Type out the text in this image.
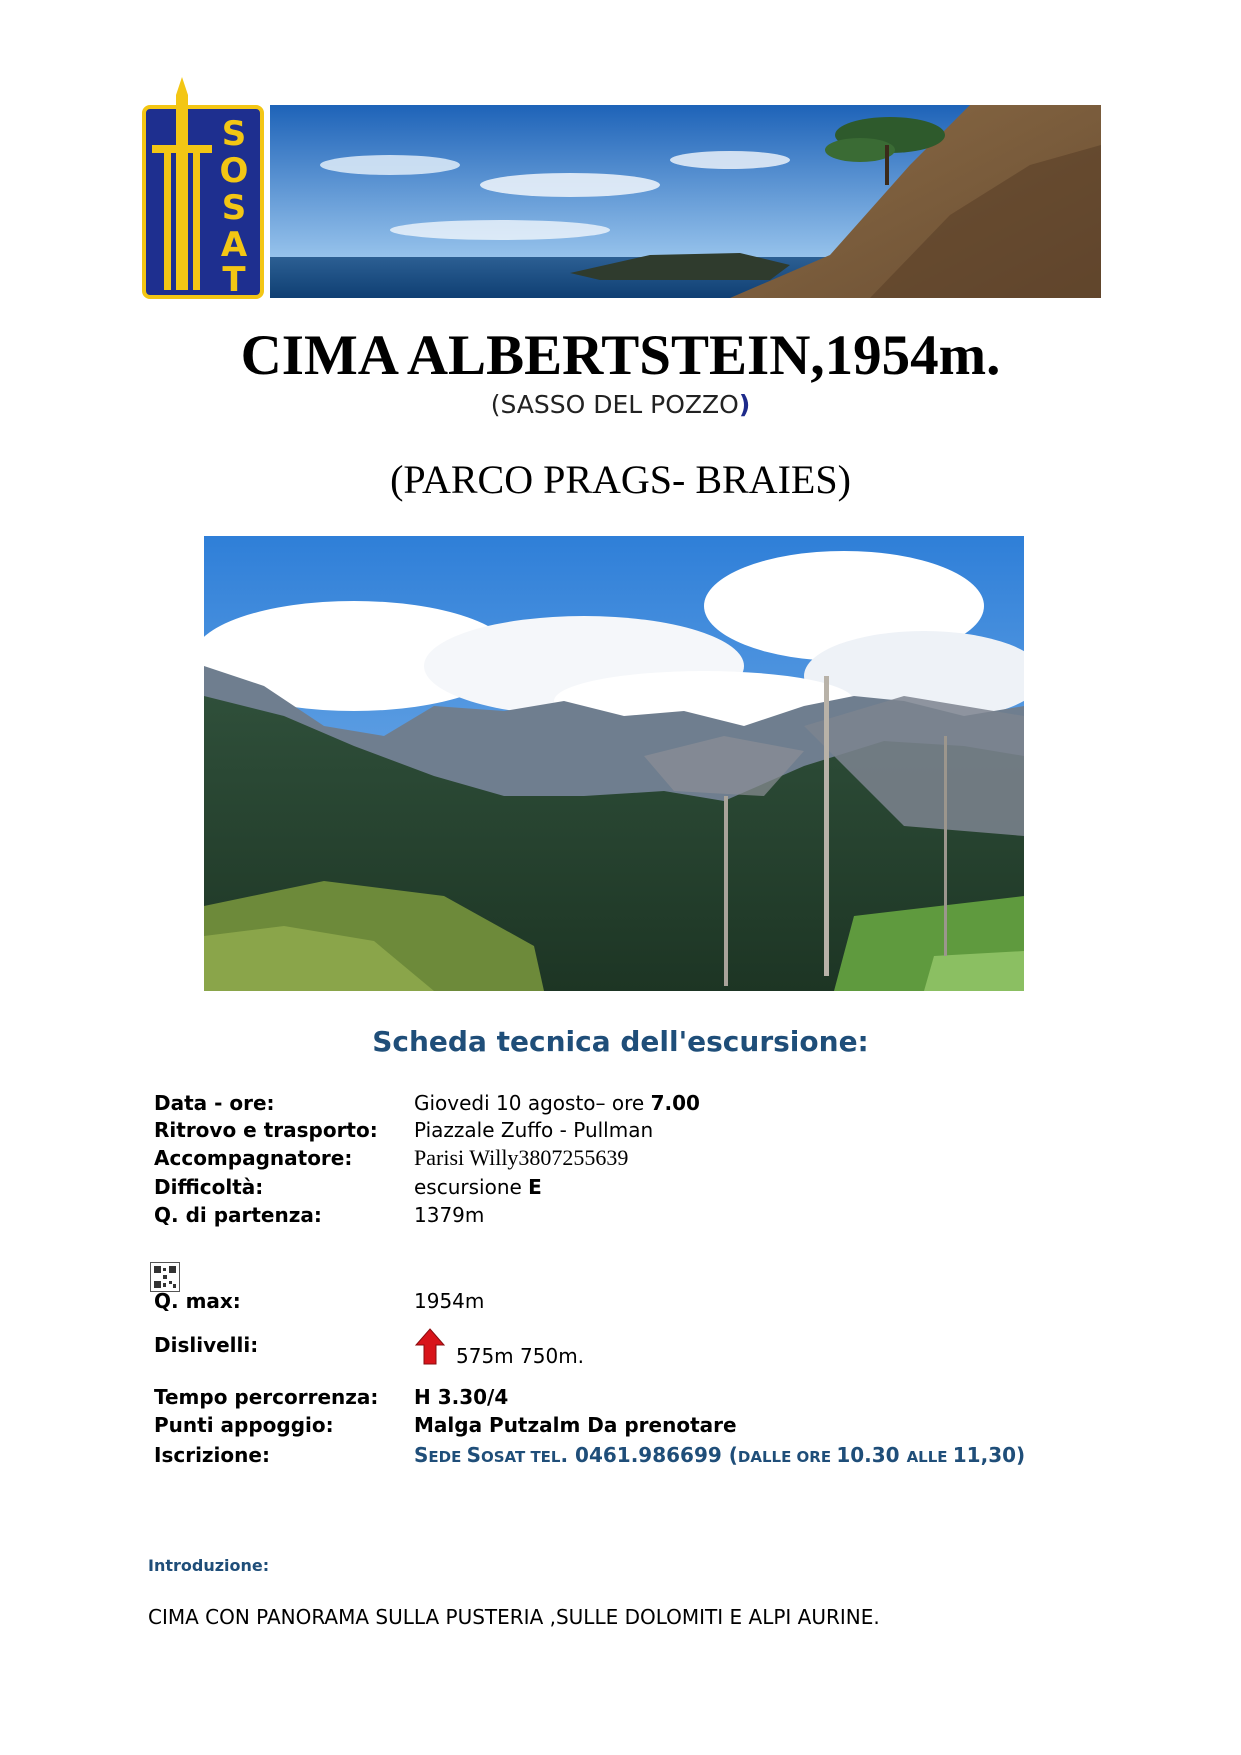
S
O
S
A
T
CIMA ALBERTSTEIN,1954m.
(SASSO DEL POZZO)
(PARCO PRAGS- BRAIES)
Scheda tecnica dell'escursione:
Data - ore:	Giovedi 10 agosto– ore 7.00
Ritrovo e trasporto: Piazzale Zuffo - Pullman
Accompagnatore:	Parisi Willy3807255639
Difficoltà:	escursione E
Q. di partenza:	1379m
Q. max:	1954m
Dislivelli:	575m 750m.
Tempo percorrenza: H 3.30/4
Punti appoggio:	Malga Putzalm Da prenotare
Iscrizione:	SEDE SOSAT TEL. 0461.986699 (DALLE ORE 10.30 ALLE 11,30)
Introduzione:
CIMA CON PANORAMA SULLA PUSTERIA ,SULLE DOLOMITI E ALPI AURINE.
